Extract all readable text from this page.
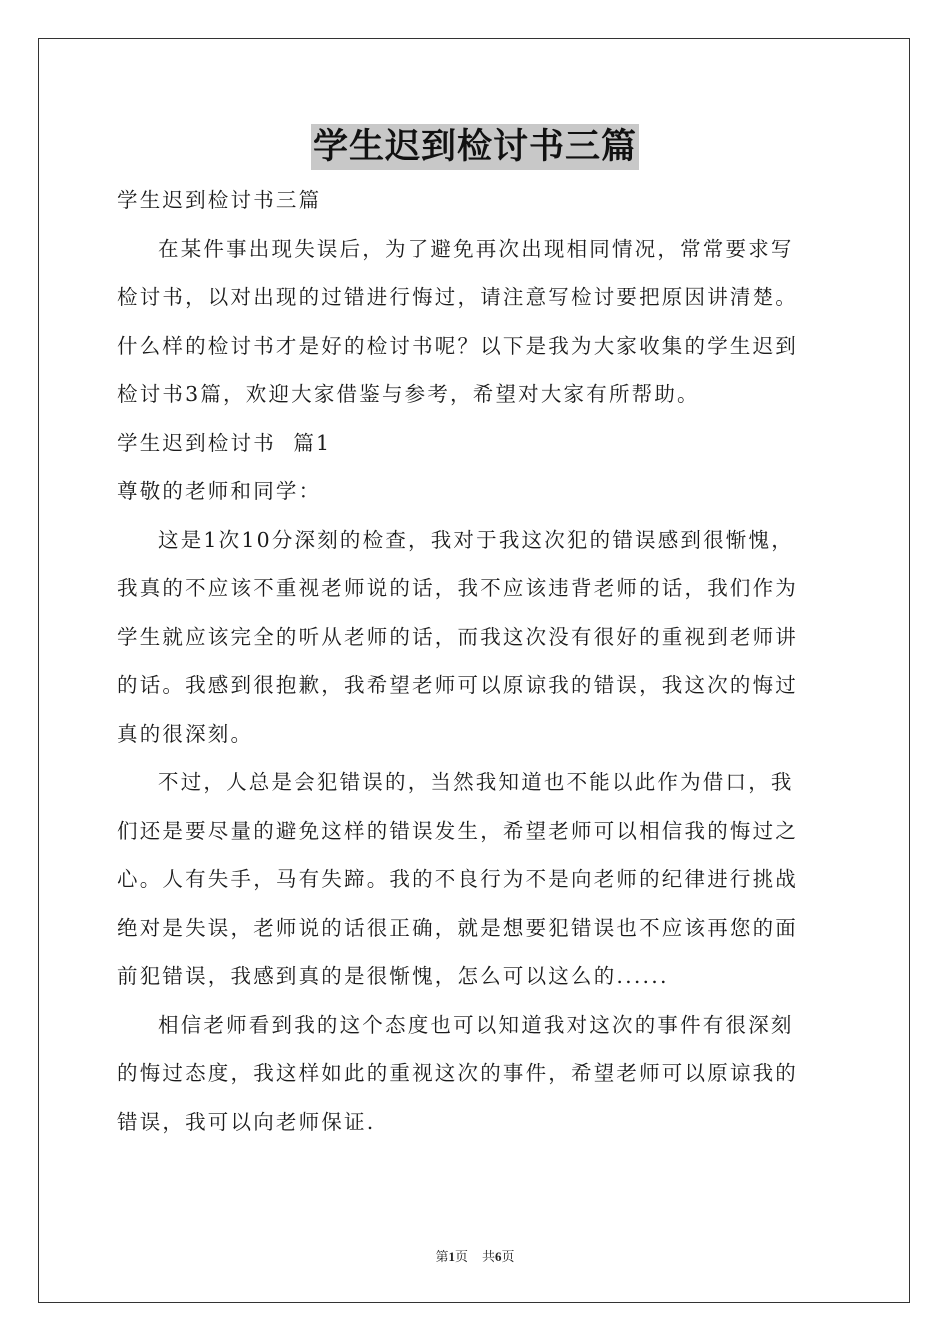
学生迟到检讨书三篇
学生迟到检讨书三篇
在某件事出现失误后，为了避免再次出现相同情况，常常要求写
检讨书，以对出现的过错进行悔过，请注意写检讨要把原因讲清楚。
什么样的检讨书才是好的检讨书呢？以下是我为大家收集的学生迟到
检讨书3篇，欢迎大家借鉴与参考，希望对大家有所帮助。
学生迟到检讨书  篇1
尊敬的老师和同学：
这是1次10分深刻的检查，我对于我这次犯的错误感到很惭愧，
我真的不应该不重视老师说的话，我不应该违背老师的话，我们作为
学生就应该完全的听从老师的话，而我这次没有很好的重视到老师讲
的话。我感到很抱歉，我希望老师可以原谅我的错误，我这次的悔过
真的很深刻。
不过，人总是会犯错误的，当然我知道也不能以此作为借口，我
们还是要尽量的避免这样的错误发生，希望老师可以相信我的悔过之
心。人有失手，马有失蹄。我的不良行为不是向老师的纪律进行挑战
绝对是失误，老师说的话很正确，就是想要犯错误也不应该再您的面
前犯错误，我感到真的是很惭愧，怎么可以这么的......
相信老师看到我的这个态度也可以知道我对这次的事件有很深刻
的悔过态度，我这样如此的重视这次的事件，希望老师可以原谅我的
错误，我可以向老师保证.
第1页 共6页
